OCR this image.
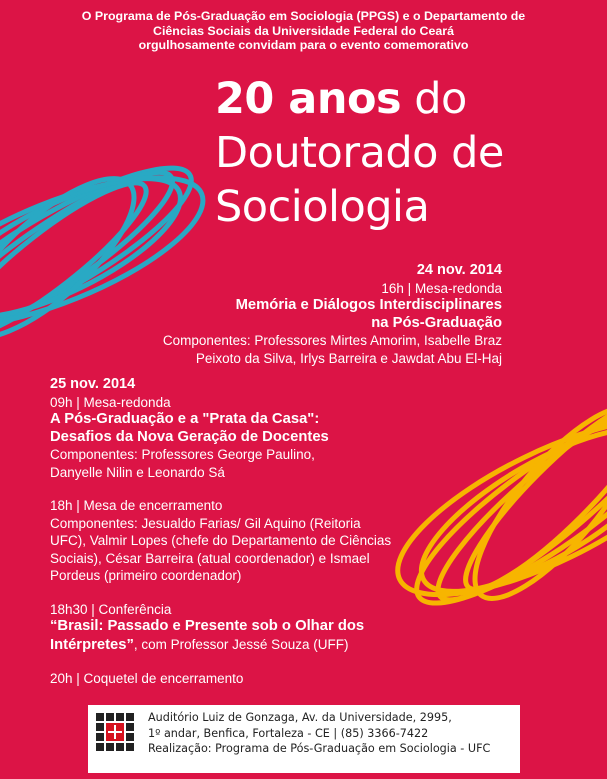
O Programa de Pós-Graduação em Sociologia (PPGS) e o Departamento de
Ciências Sociais da Universidade Federal do Ceará
orgulhosamente convidam para o evento comemorativo
20 anos do
Doutorado de
Sociologia
24 nov. 2014
16h | Mesa-redonda
Memória e Diálogos Interdisciplinares
na Pós-Graduação
Componentes: Professores Mirtes Amorim, Isabelle Braz
Peixoto da Silva, Irlys Barreira e Jawdat Abu El-Haj
25 nov. 2014
09h | Mesa-redonda
A Pós-Graduação e a "Prata da Casa":
Desafios da Nova Geração de Docentes
Componentes: Professores George Paulino,
Danyelle Nilin e Leonardo Sá
18h | Mesa de encerramento
Componentes: Jesualdo Farias/ Gil Aquino (Reitoria
UFC), Valmir Lopes (chefe do Departamento de Ciências
Sociais), César Barreira (atual coordenador) e Ismael
Pordeus (primeiro coordenador)
18h30 | Conferência
“Brasil: Passado e Presente sob o Olhar dos
Intérpretes”, com Professor Jessé Souza (UFF)
20h | Coquetel de encerramento
Auditório Luiz de Gonzaga, Av. da Universidade, 2995,
1º andar, Benfica, Fortaleza - CE | (85) 3366-7422
Realização: Programa de Pós-Graduação em Sociologia - UFC
